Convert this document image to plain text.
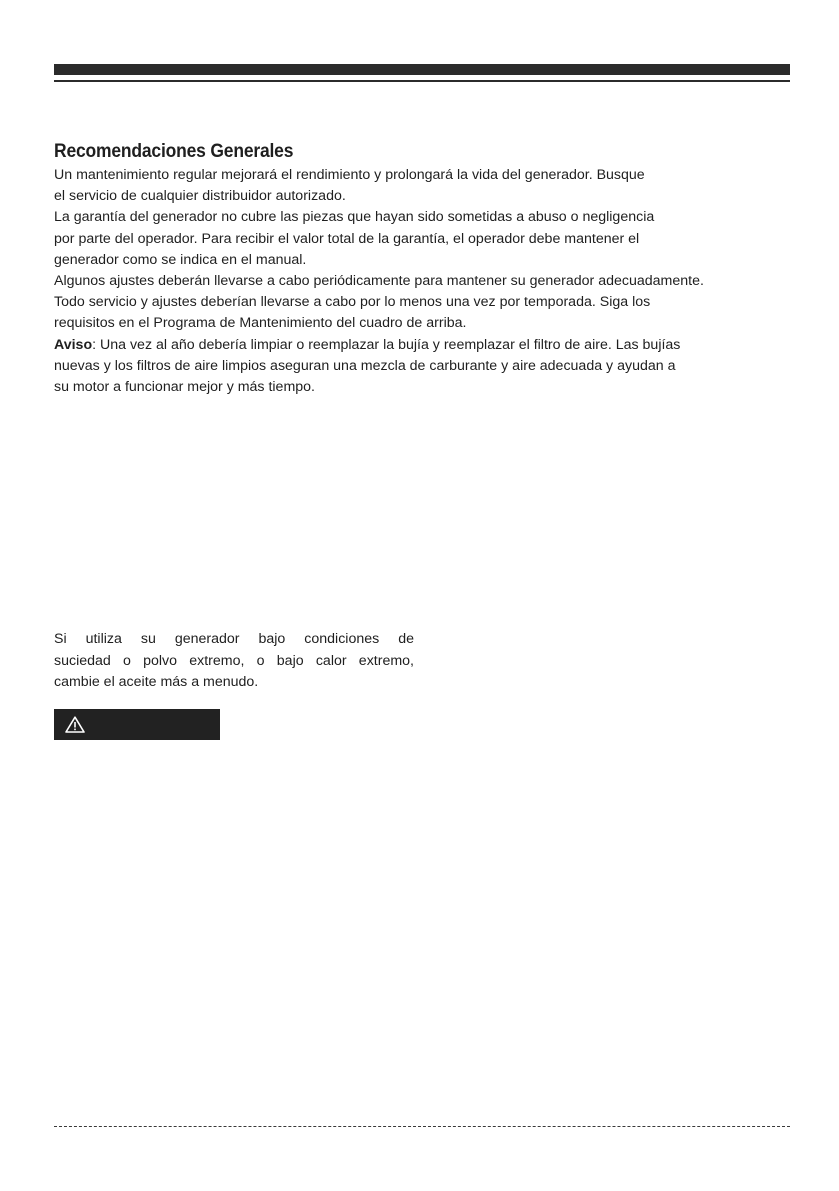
Recomendaciones Generales
Un mantenimiento regular mejorará el rendimiento y prolongará la vida del generador. Busque
el servicio de cualquier distribuidor autorizado.
La garantía del generador no cubre las piezas que hayan sido sometidas a abuso o negligencia
por parte del operador. Para recibir el valor total de la garantía, el operador debe mantener el
generador como se indica en el manual.
Algunos ajustes deberán llevarse a cabo periódicamente para mantener su generador adecuadamente.
Todo servicio y ajustes deberían llevarse a cabo por lo menos una vez por temporada. Siga los
requisitos en el Programa de Mantenimiento del cuadro de arriba.
Aviso: Una vez al año debería limpiar o reemplazar la bujía y reemplazar el filtro de aire. Las bujías
nuevas y los filtros de aire limpios aseguran una mezcla de carburante y aire adecuada y ayudan a
su motor a funcionar mejor y más tiempo.
Si utiliza su generador bajo condiciones de
suciedad o polvo extremo, o bajo calor extremo,
cambie el aceite más a menudo.
